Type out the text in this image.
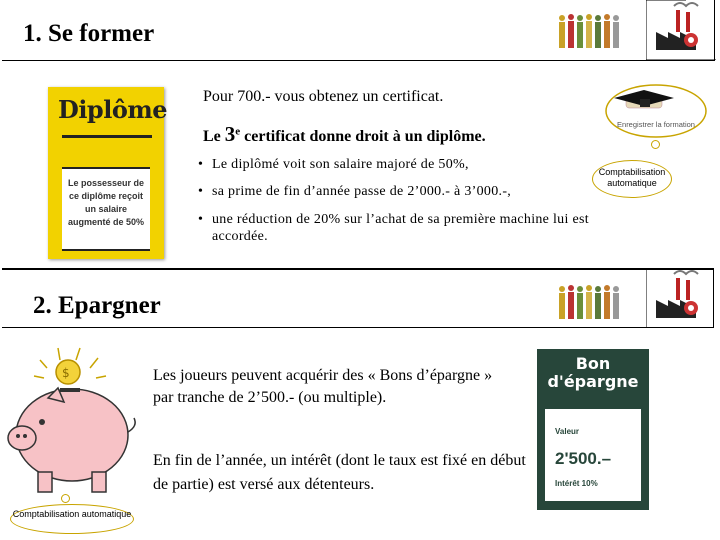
1. Se former
Diplôme
Le possesseur de ce diplôme reçoit un salaire augmenté de 50%
Pour 700.- vous obtenez un certificat.
Le 3e certificat donne droit à un diplôme.
• Le diplômé voit son salaire majoré de 50%,
• sa prime de fin d’année passe de 2’000.- à 3’000.-,
• une réduction de 20% sur l’achat de sa première machine lui est accordée.
Enregistrer la formation
Comptabilisation automatique
2. Epargner
$	Les joueurs peuvent acquérir des « Bons d’épargne » par tranche de 2’500.- (ou multiple).
En fin de l’année, un intérêt (dont le taux est fixé en début de partie) est versé aux détenteurs.
Bon
d'épargne
Valeur
2'500.–
Intérêt 10%
Comptabilisation automatique
